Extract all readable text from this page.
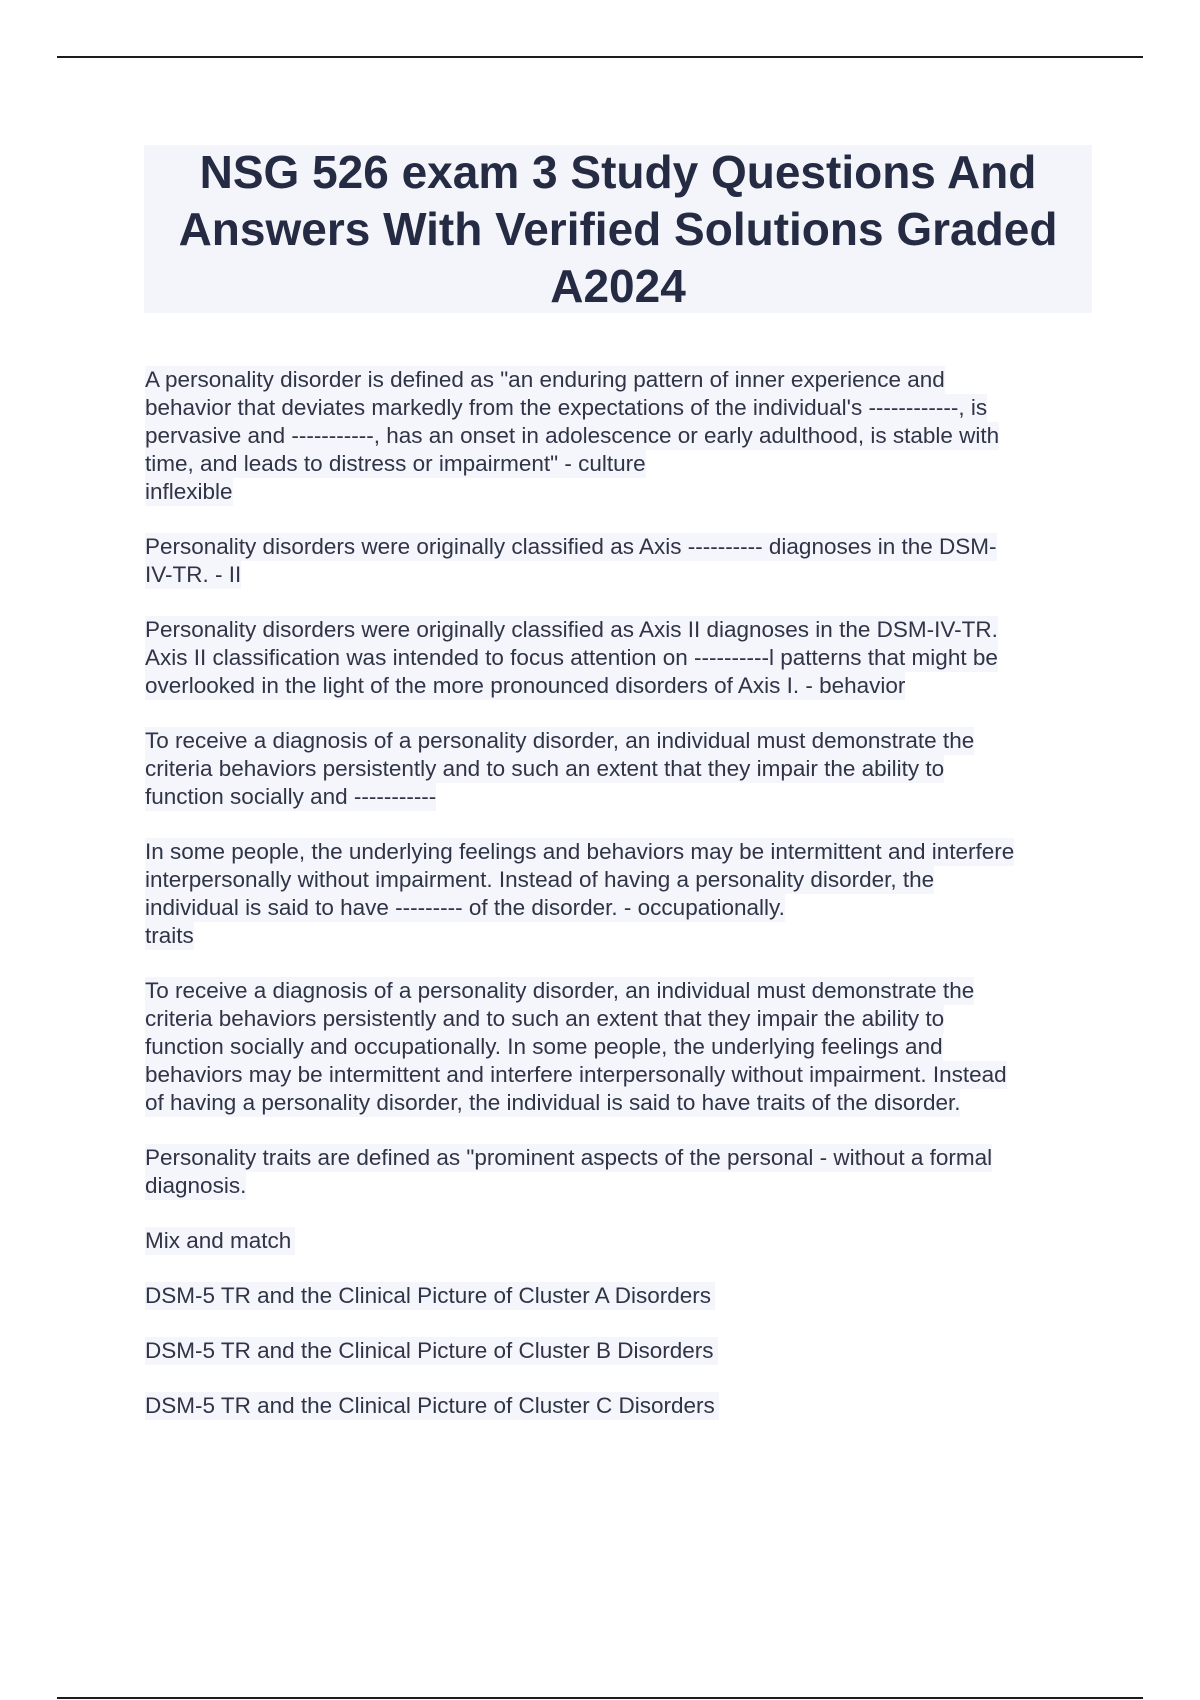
NSG 526 exam 3 Study Questions And
Answers With Verified Solutions Graded
A2024

A personality disorder is defined as "an enduring pattern of inner experience and
behavior that deviates markedly from the expectations of the individual's ------------, is
pervasive and -----------, has an onset in adolescence or early adulthood, is stable with
time, and leads to distress or impairment" - culture
inflexible

Personality disorders were originally classified as Axis ---------- diagnoses in the DSM-
IV-TR. - II

Personality disorders were originally classified as Axis II diagnoses in the DSM-IV-TR.
Axis II classification was intended to focus attention on ----------l patterns that might be
overlooked in the light of the more pronounced disorders of Axis I. - behavior

To receive a diagnosis of a personality disorder, an individual must demonstrate the
criteria behaviors persistently and to such an extent that they impair the ability to
function socially and -----------

In some people, the underlying feelings and behaviors may be intermittent and interfere
interpersonally without impairment. Instead of having a personality disorder, the
individual is said to have --------- of the disorder. - occupationally.
traits

To receive a diagnosis of a personality disorder, an individual must demonstrate the
criteria behaviors persistently and to such an extent that they impair the ability to
function socially and occupationally. In some people, the underlying feelings and
behaviors may be intermittent and interfere interpersonally without impairment. Instead
of having a personality disorder, the individual is said to have traits of the disorder.

Personality traits are defined as "prominent aspects of the personal - without a formal
diagnosis.

Mix and match

DSM-5 TR and the Clinical Picture of Cluster A Disorders

DSM-5 TR and the Clinical Picture of Cluster B Disorders

DSM-5 TR and the Clinical Picture of Cluster C Disorders
